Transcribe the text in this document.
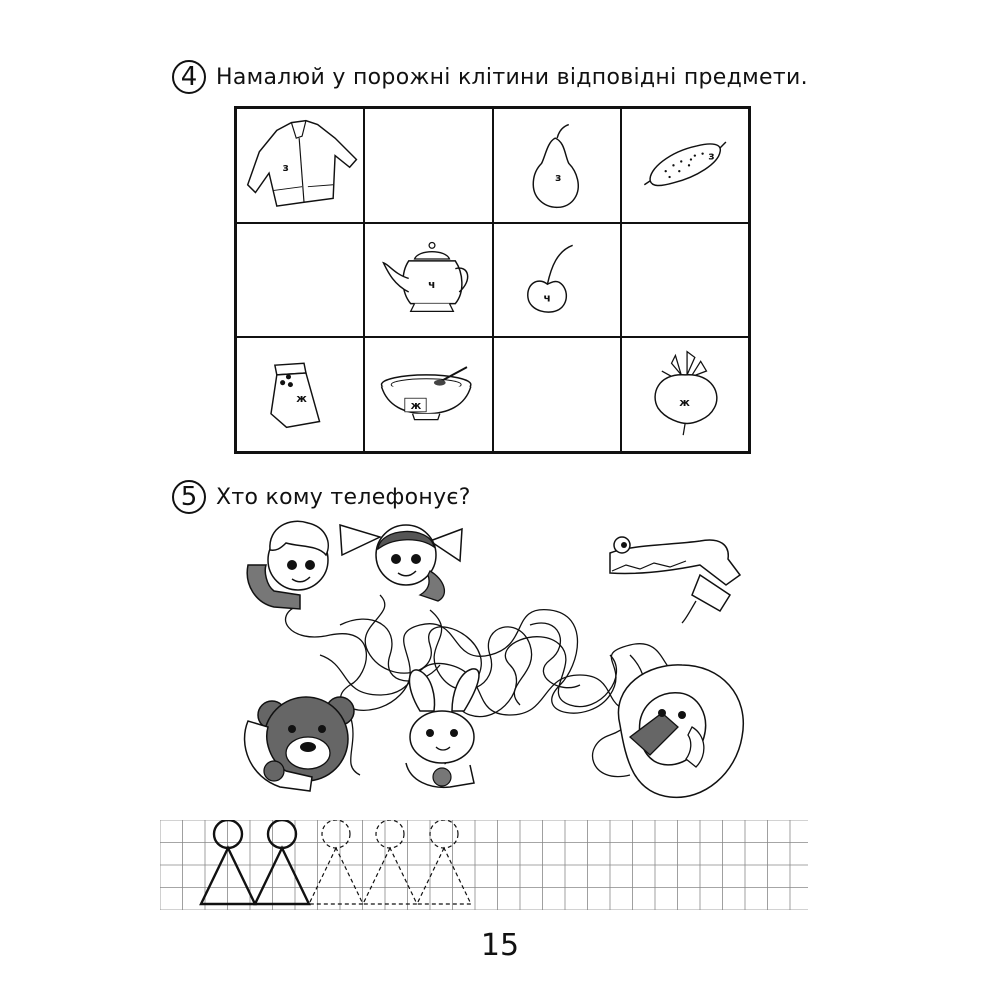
4 Намалюй у порожні клітини відповідні предмети.
з
з
з
ч
ч
ж
ж	ж
5 Хто кому телефонує?
15
